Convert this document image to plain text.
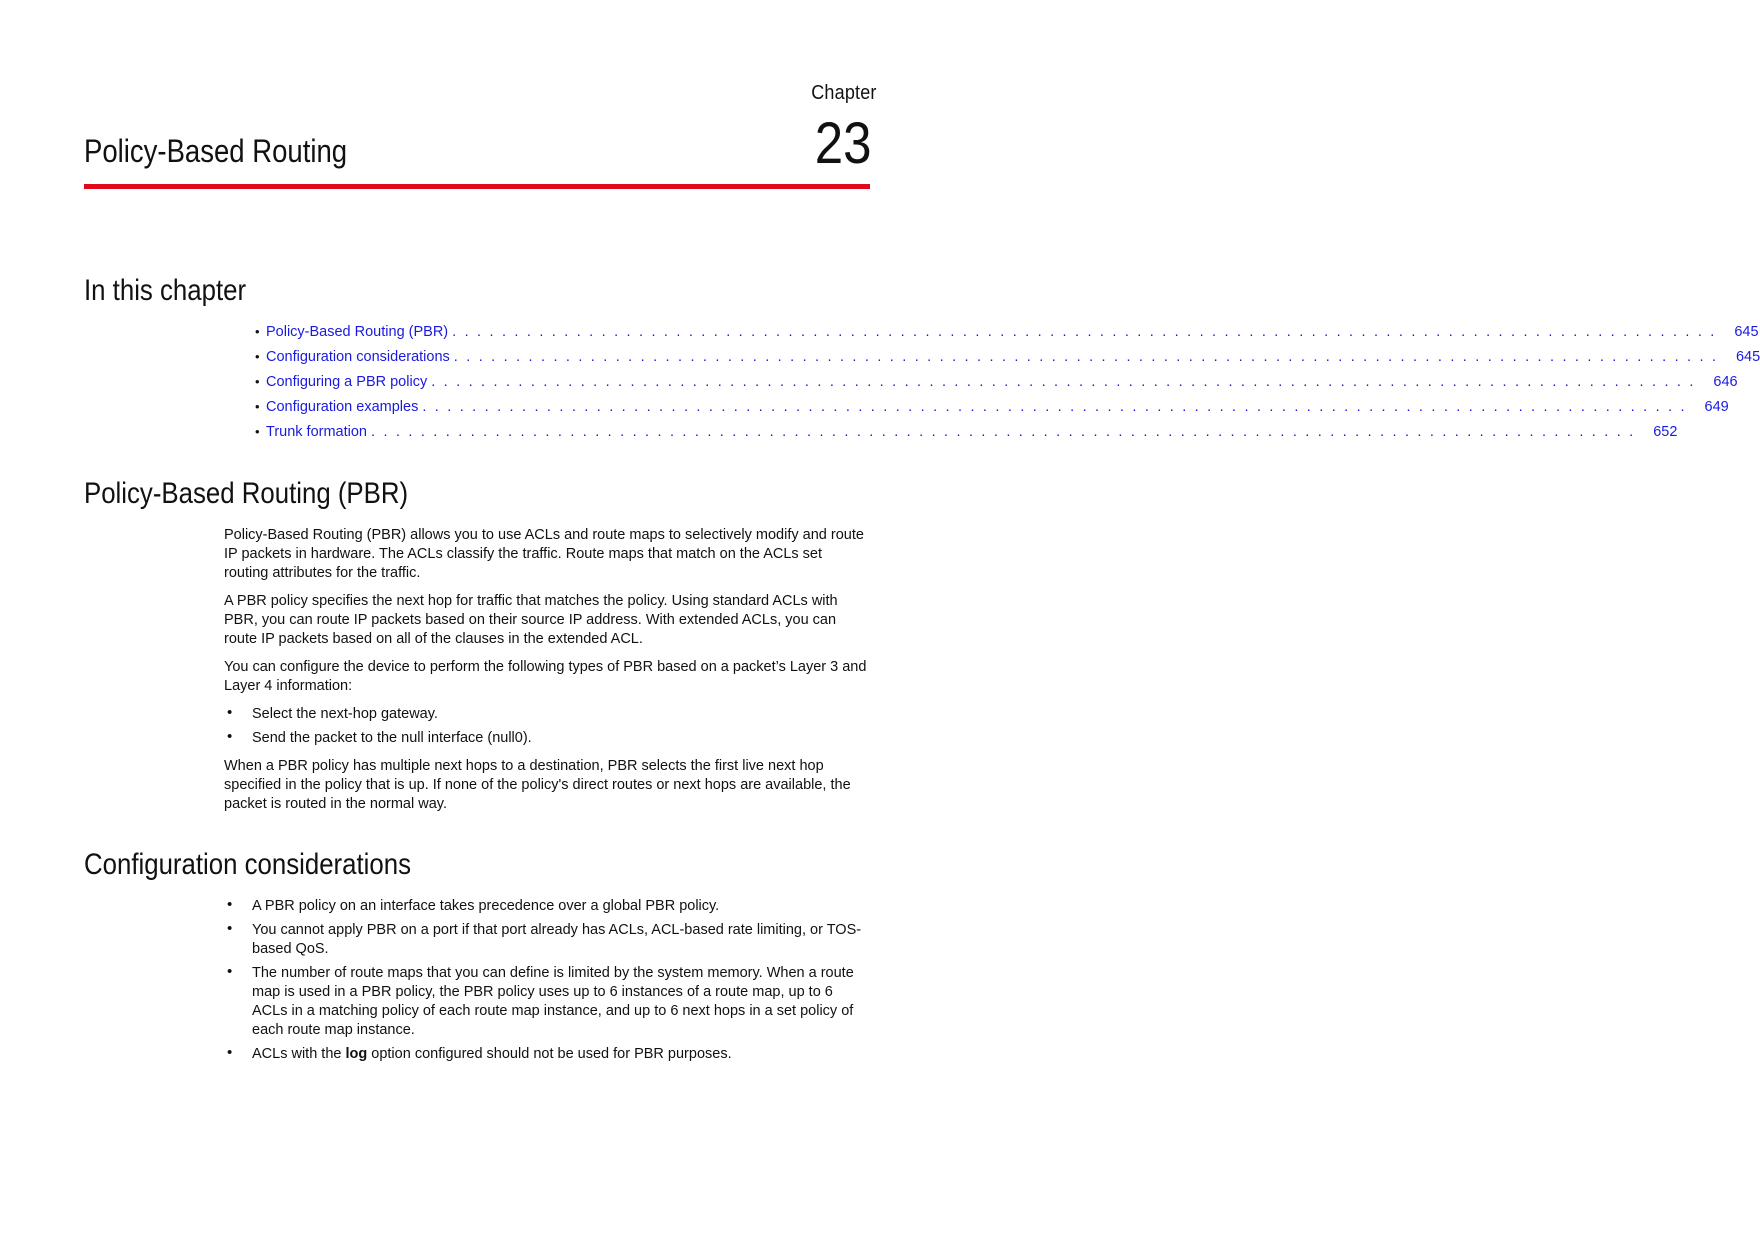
Chapter
23
Policy-Based Routing
In this chapter
• Policy-Based Routing (PBR) . . . . . . . . . . . . . . . . . . . . . . . . . . . . . . . . . . . . . . . . . . . . . . . . . . . . . . . . . . . . . . . . . . . . . . . . . . . . . . . . . . . . . . . . . . . . . . . . . . . . . .	645
• Configuration considerations . . . . . . . . . . . . . . . . . . . . . . . . . . . . . . . . . . . . . . . . . . . . . . . . . . . . . . . . . . . . . . . . . . . . . . . . . . . . . . . . . . . . . . . . . . . . . . . . . . . . . .	645
• Configuring a PBR policy . . . . . . . . . . . . . . . . . . . . . . . . . . . . . . . . . . . . . . . . . . . . . . . . . . . . . . . . . . . . . . . . . . . . . . . . . . . . . . . . . . . . . . . . . . . . . . . . . . . . . .	646
• Configuration examples . . . . . . . . . . . . . . . . . . . . . . . . . . . . . . . . . . . . . . . . . . . . . . . . . . . . . . . . . . . . . . . . . . . . . . . . . . . . . . . . . . . . . . . . . . . . . . . . . . . . . .	649
• Trunk formation . . . . . . . . . . . . . . . . . . . . . . . . . . . . . . . . . . . . . . . . . . . . . . . . . . . . . . . . . . . . . . . . . . . . . . . . . . . . . . . . . . . . . . . . . . . . . . . . . . . . . .	652
Policy-Based Routing (PBR)

Policy-Based Routing (PBR) allows you to use ACLs and route maps to selectively modify and route IP packets in hardware. The ACLs classify the traffic. Route maps that match on the ACLs set routing attributes for the traffic.

A PBR policy specifies the next hop for traffic that matches the policy. Using standard ACLs with PBR, you can route IP packets based on their source IP address. With extended ACLs, you can route IP packets based on all of the clauses in the extended ACL.

You can configure the device to perform the following types of PBR based on a packet’s Layer 3 and Layer 4 information:

• Select the next-hop gateway.
• Send the packet to the null interface (null0).

When a PBR policy has multiple next hops to a destination, PBR selects the first live next hop specified in the policy that is up. If none of the policy's direct routes or next hops are available, the packet is routed in the normal way.

Configuration considerations
• A PBR policy on an interface takes precedence over a global PBR policy.
• You cannot apply PBR on a port if that port already has ACLs, ACL-based rate limiting, or TOS-based QoS.
• The number of route maps that you can define is limited by the system memory. When a route map is used in a PBR policy, the PBR policy uses up to 6 instances of a route map, up to 6 ACLs in a matching policy of each route map instance, and up to 6 next hops in a set policy of each route map instance.
• ACLs with the log option configured should not be used for PBR purposes.
